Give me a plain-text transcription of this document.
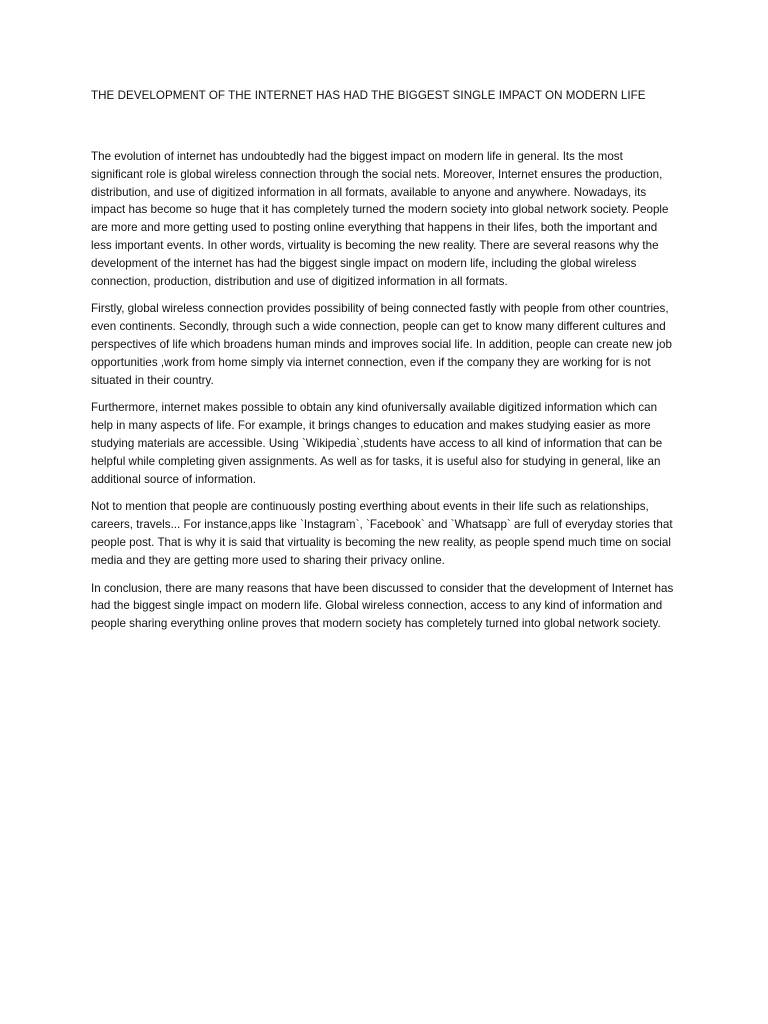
THE DEVELOPMENT OF THE INTERNET HAS HAD THE BIGGEST SINGLE IMPACT ON MODERN LIFE

The evolution of internet has undoubtedly had the biggest impact on modern life in general. Its the most significant role is global wireless connection through the social nets. Moreover, Internet ensures the production, distribution, and use of digitized information in all formats, available to anyone and anywhere. Nowadays, its impact has become so huge that it has completely turned the modern society into global network society. People are more and more getting used to posting online everything that happens in their lifes, both the important and less important events. In other words, virtuality is becoming the new reality. There are several reasons why the development of the internet has had the biggest single impact on modern life, including the global wireless connection, production, distribution and use of digitized information in all formats.

Firstly, global wireless connection provides possibility of being connected fastly with people from other countries, even continents. Secondly, through such a wide connection, people can get to know many different cultures and perspectives of life which broadens human minds and improves social life. In addition, people can create new job opportunities ,work from home simply via internet connection, even if the company they are working for is not situated in their country.

Furthermore, internet makes possible to obtain any kind ofuniversally available digitized information which can help in many aspects of life. For example, it brings changes to education and makes studying easier as more studying materials are accessible. Using `Wikipedia`,students have access to all kind of information that can be helpful while completing given assignments. As well as for tasks, it is useful also for studying in general, like an additional source of information.

Not to mention that people are continuously posting everthing about events in their life such as relationships, careers, travels... For instance,apps like `Instagram`, `Facebook` and `Whatsapp` are full of everyday stories that people post. That is why it is said that virtuality is becoming the new reality, as people spend much time on social media and they are getting more used to sharing their privacy online.

In conclusion, there are many reasons that have been discussed to consider that the development of Internet has had the biggest single impact on modern life. Global wireless connection, access to any kind of information and people sharing everything online proves that modern society has completely turned into global network society.
